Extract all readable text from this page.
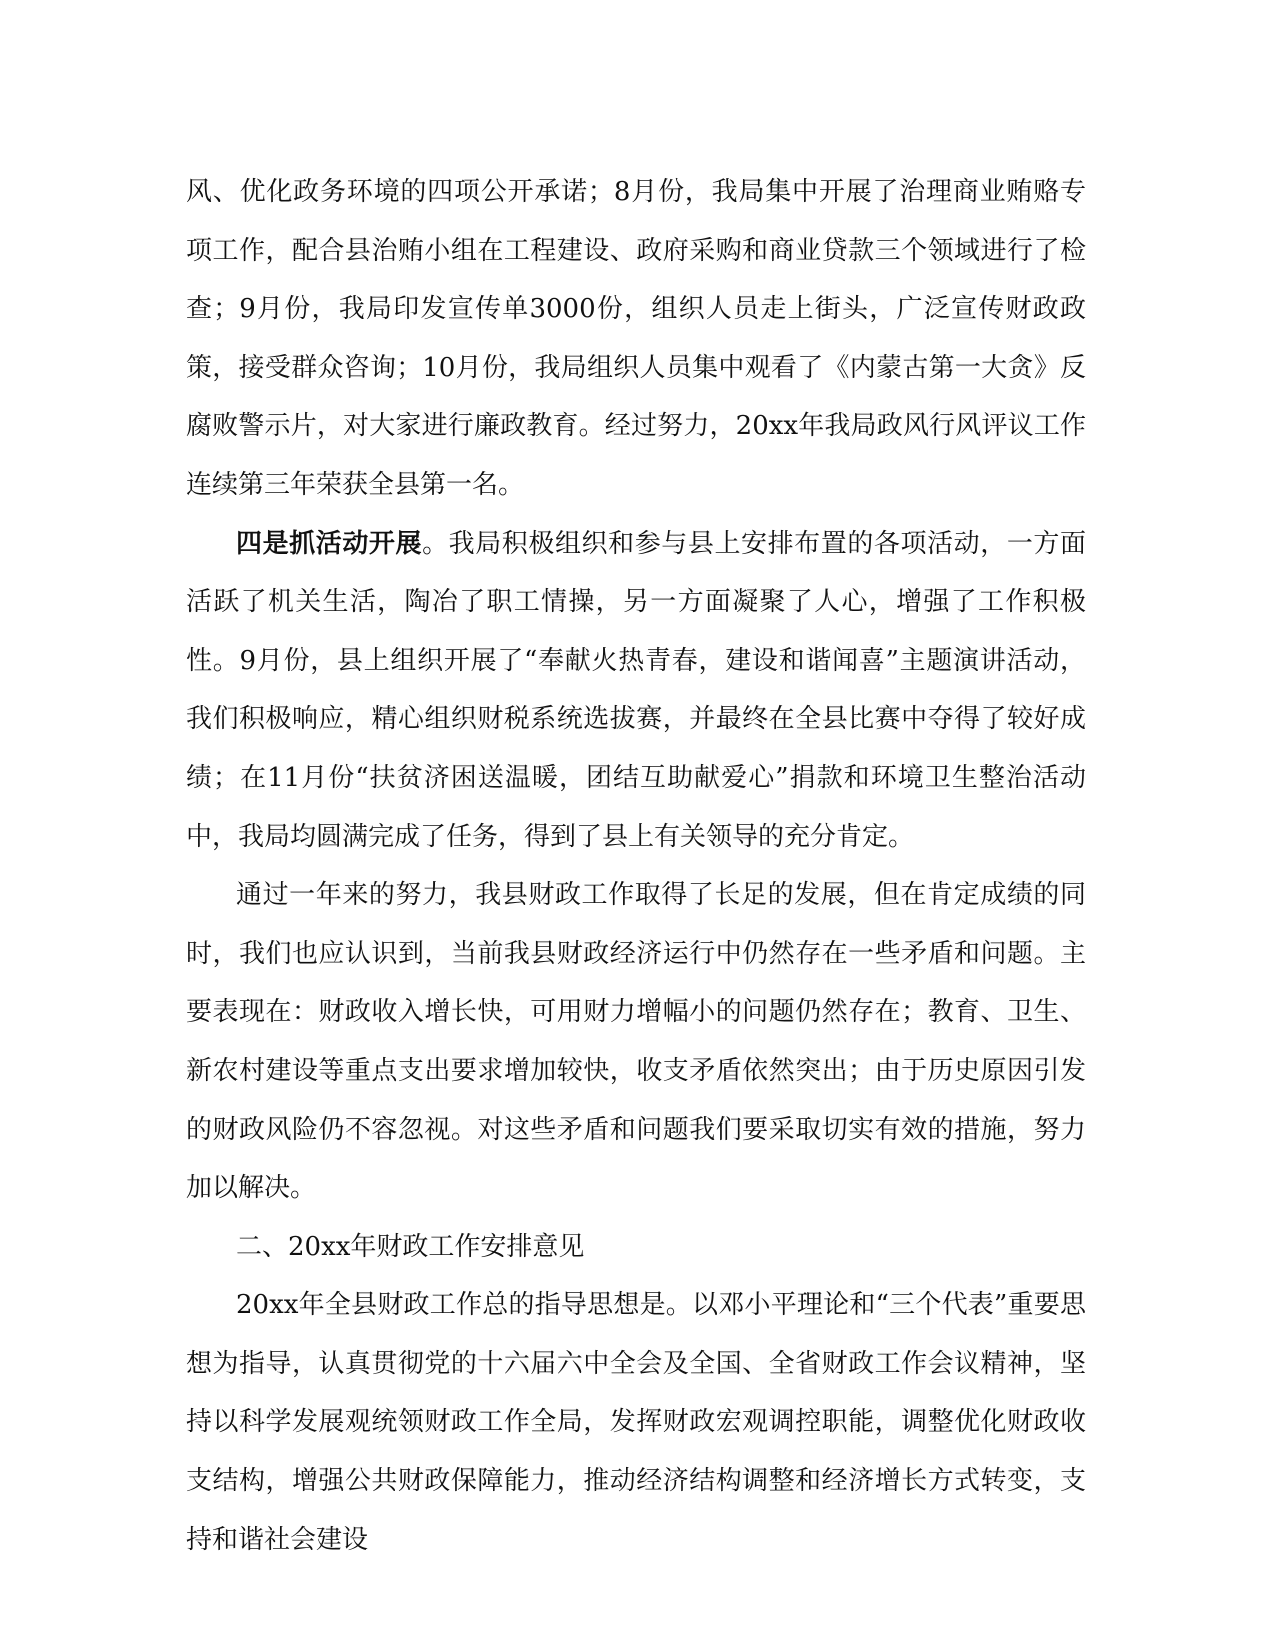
风、优化政务环境的四项公开承诺；8月份，我局集中开展了治理商业贿赂专项工作，配合县治贿小组在工程建设、政府采购和商业贷款三个领域进行了检查；9月份，我局印发宣传单3000份，组织人员走上街头，广泛宣传财政政策，接受群众咨询；10月份，我局组织人员集中观看了《内蒙古第一大贪》反腐败警示片，对大家进行廉政教育。经过努力，20xx年我局政风行风评议工作连续第三年荣获全县第一名。

四是抓活动开展。我局积极组织和参与县上安排布置的各项活动，一方面活跃了机关生活，陶冶了职工情操，另一方面凝聚了人心，增强了工作积极性。9月份，县上组织开展了“奉献火热青春，建设和谐闻喜”主题演讲活动，我们积极响应，精心组织财税系统选拔赛，并最终在全县比赛中夺得了较好成绩；在11月份“扶贫济困送温暖，团结互助献爱心”捐款和环境卫生整治活动中，我局均圆满完成了任务，得到了县上有关领导的充分肯定。

通过一年来的努力，我县财政工作取得了长足的发展，但在肯定成绩的同时，我们也应认识到，当前我县财政经济运行中仍然存在一些矛盾和问题。主要表现在：财政收入增长快，可用财力增幅小的问题仍然存在；教育、卫生、新农村建设等重点支出要求增加较快，收支矛盾依然突出；由于历史原因引发的财政风险仍不容忽视。对这些矛盾和问题我们要采取切实有效的措施，努力加以解决。

二、20xx年财政工作安排意见

20xx年全县财政工作总的指导思想是。以邓小平理论和“三个代表”重要思想为指导，认真贯彻党的十六届六中全会及全国、全省财政工作会议精神，坚持以科学发展观统领财政工作全局，发挥财政宏观调控职能，调整优化财政收支结构，增强公共财政保障能力，推动经济结构调整和经济增长方式转变，支持和谐社会建设
